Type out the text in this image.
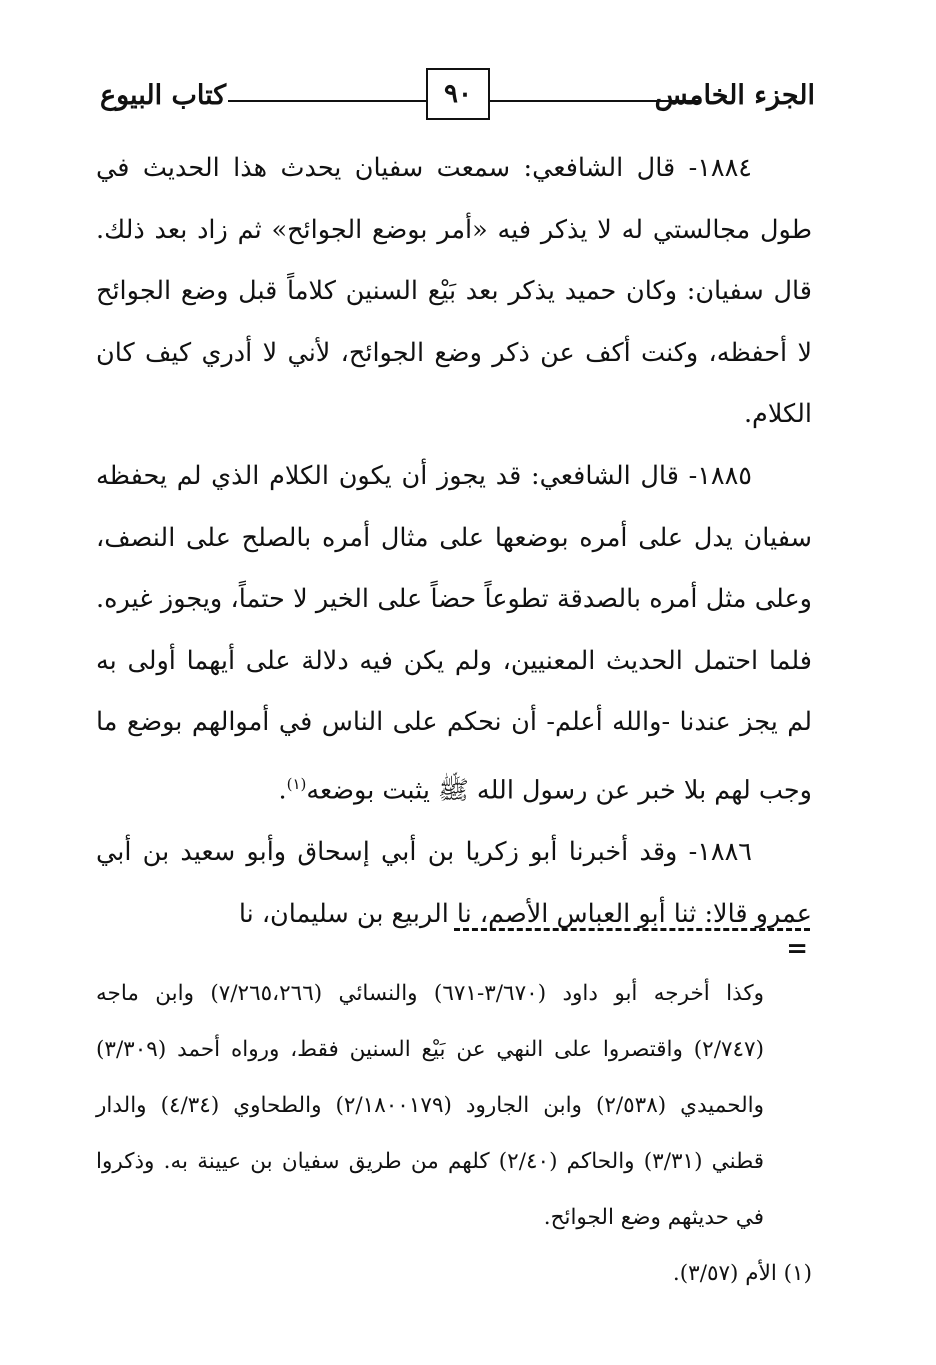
الجزء الخامس
٩٠
كتاب البيوع

١٨٨٤- قال الشافعي: سمعت سفيان يحدث هذا الحديث في طول مجالستي له لا يذكر فيه «أمر بوضع الجوائح» ثم زاد بعد ذلك. قال سفيان: وكان حميد يذكر بعد بَيْع السنين كلاماً قبل وضع الجوائح لا أحفظه، وكنت أكف عن ذكر وضع الجوائح، لأني لا أدري كيف كان الكلام.

١٨٨٥- قال الشافعي: قد يجوز أن يكون الكلام الذي لم يحفظه سفيان يدل على أمره بوضعها على مثال أمره بالصلح على النصف، وعلى مثل أمره بالصدقة تطوعاً حضاً على الخير لا حتماً، ويجوز غيره. فلما احتمل الحديث المعنيين، ولم يكن فيه دلالة على أيهما أولى به لم يجز عندنا -والله أعلم- أن نحكم على الناس في أموالهم بوضع ما وجب لهم بلا خبر عن رسول الله ﷺ يثبت بوضعه$^{(١)}$.

١٨٨٦- وقد أخبرنا أبو زكريا بن أبي إسحاق وأبو سعيد بن أبي عمرو قالا: ثنا أبو العباس الأصم، نا الربيع بن سليمان، نا

=

وكذا أخرجه أبو داود (٣/٦٧٠-٦٧١) والنسائي (٧/٢٦٥،٢٦٦) وابن ماجه (٢/٧٤٧) واقتصروا على النهي عن بَيْع السنين فقط، ورواه أحمد (٣/٣٠٩) والحميدي (٢/٥٣٨) وابن الجارود (٢/١٨٠٠١٧٩) والطحاوي (٤/٣٤) والدار قطني (٣/٣١) والحاكم (٢/٤٠) كلهم من طريق سفيان بن عيينة به. وذكروا في حديثهم وضع الجوائح.

(١) الأم (٣/٥٧).
